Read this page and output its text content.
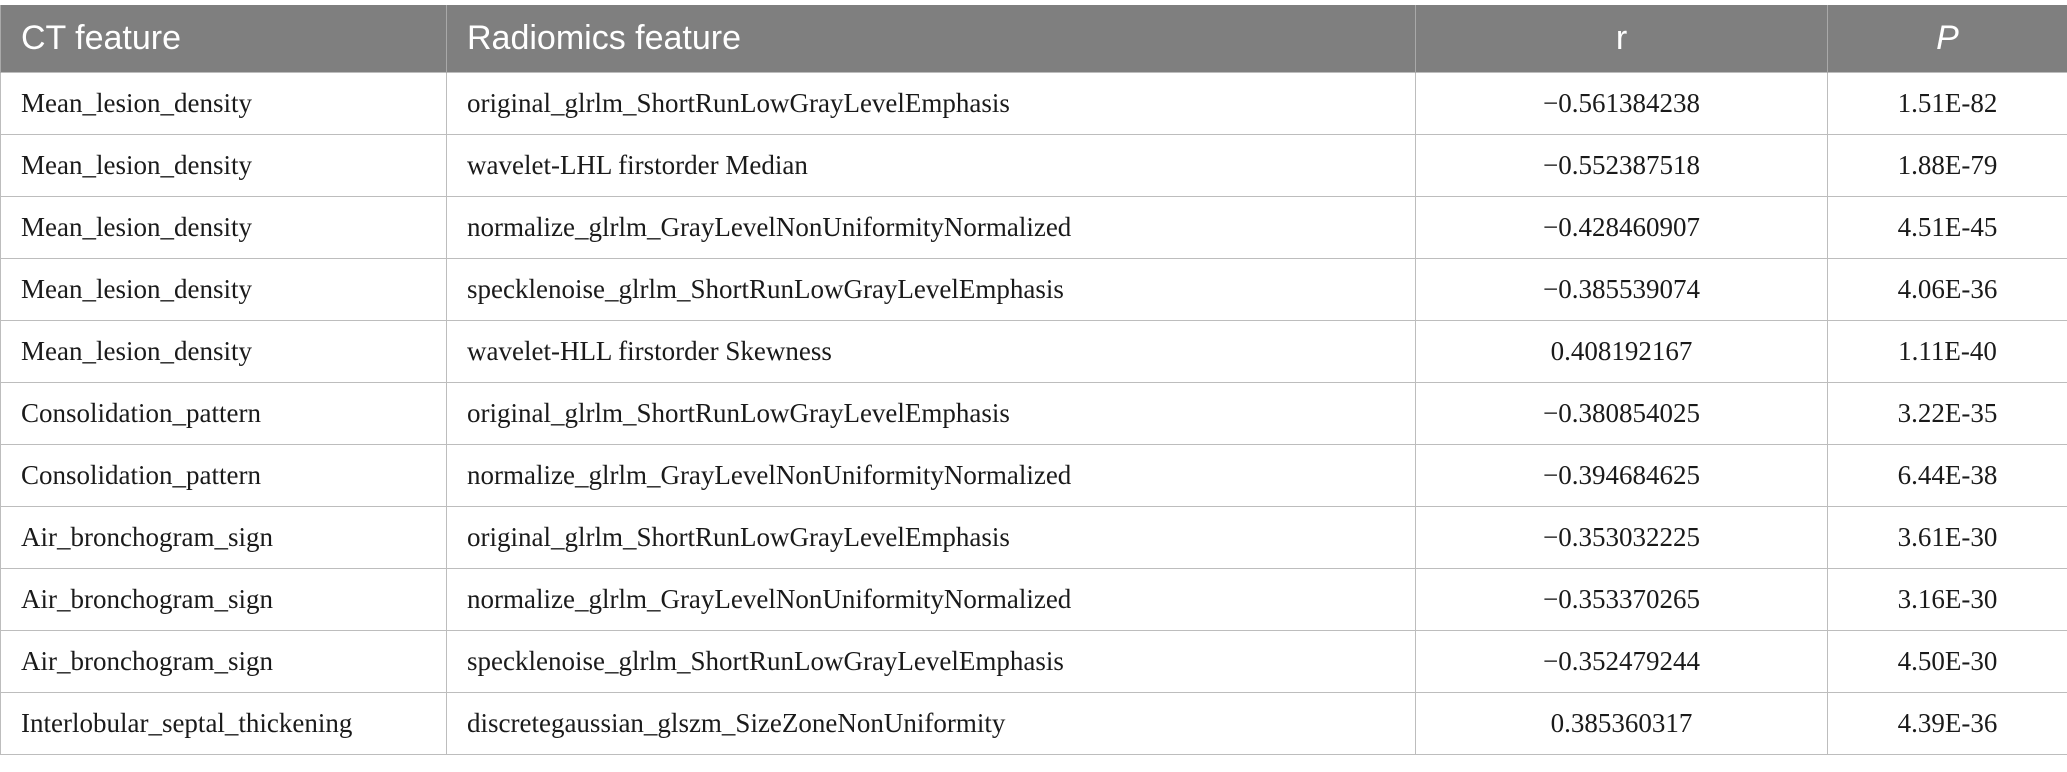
CT feature	Radiomics feature	r	P
Mean_lesion_density	original_glrlm_ShortRunLowGrayLevelEmphasis	−0.561384238	1.51E-82
Mean_lesion_density	wavelet-LHL firstorder Median	−0.552387518	1.88E-79
Mean_lesion_density	normalize_glrlm_GrayLevelNonUniformityNormalized	−0.428460907	4.51E-45
Mean_lesion_density	specklenoise_glrlm_ShortRunLowGrayLevelEmphasis	−0.385539074	4.06E-36
Mean_lesion_density	wavelet-HLL firstorder Skewness	0.408192167	1.11E-40
Consolidation_pattern	original_glrlm_ShortRunLowGrayLevelEmphasis	−0.380854025	3.22E-35
Consolidation_pattern	normalize_glrlm_GrayLevelNonUniformityNormalized	−0.394684625	6.44E-38
Air_bronchogram_sign	original_glrlm_ShortRunLowGrayLevelEmphasis	−0.353032225	3.61E-30
Air_bronchogram_sign	normalize_glrlm_GrayLevelNonUniformityNormalized	−0.353370265	3.16E-30
Air_bronchogram_sign	specklenoise_glrlm_ShortRunLowGrayLevelEmphasis	−0.352479244	4.50E-30
Interlobular_septal_thickening	discretegaussian_glszm_SizeZoneNonUniformity	0.385360317	4.39E-36
